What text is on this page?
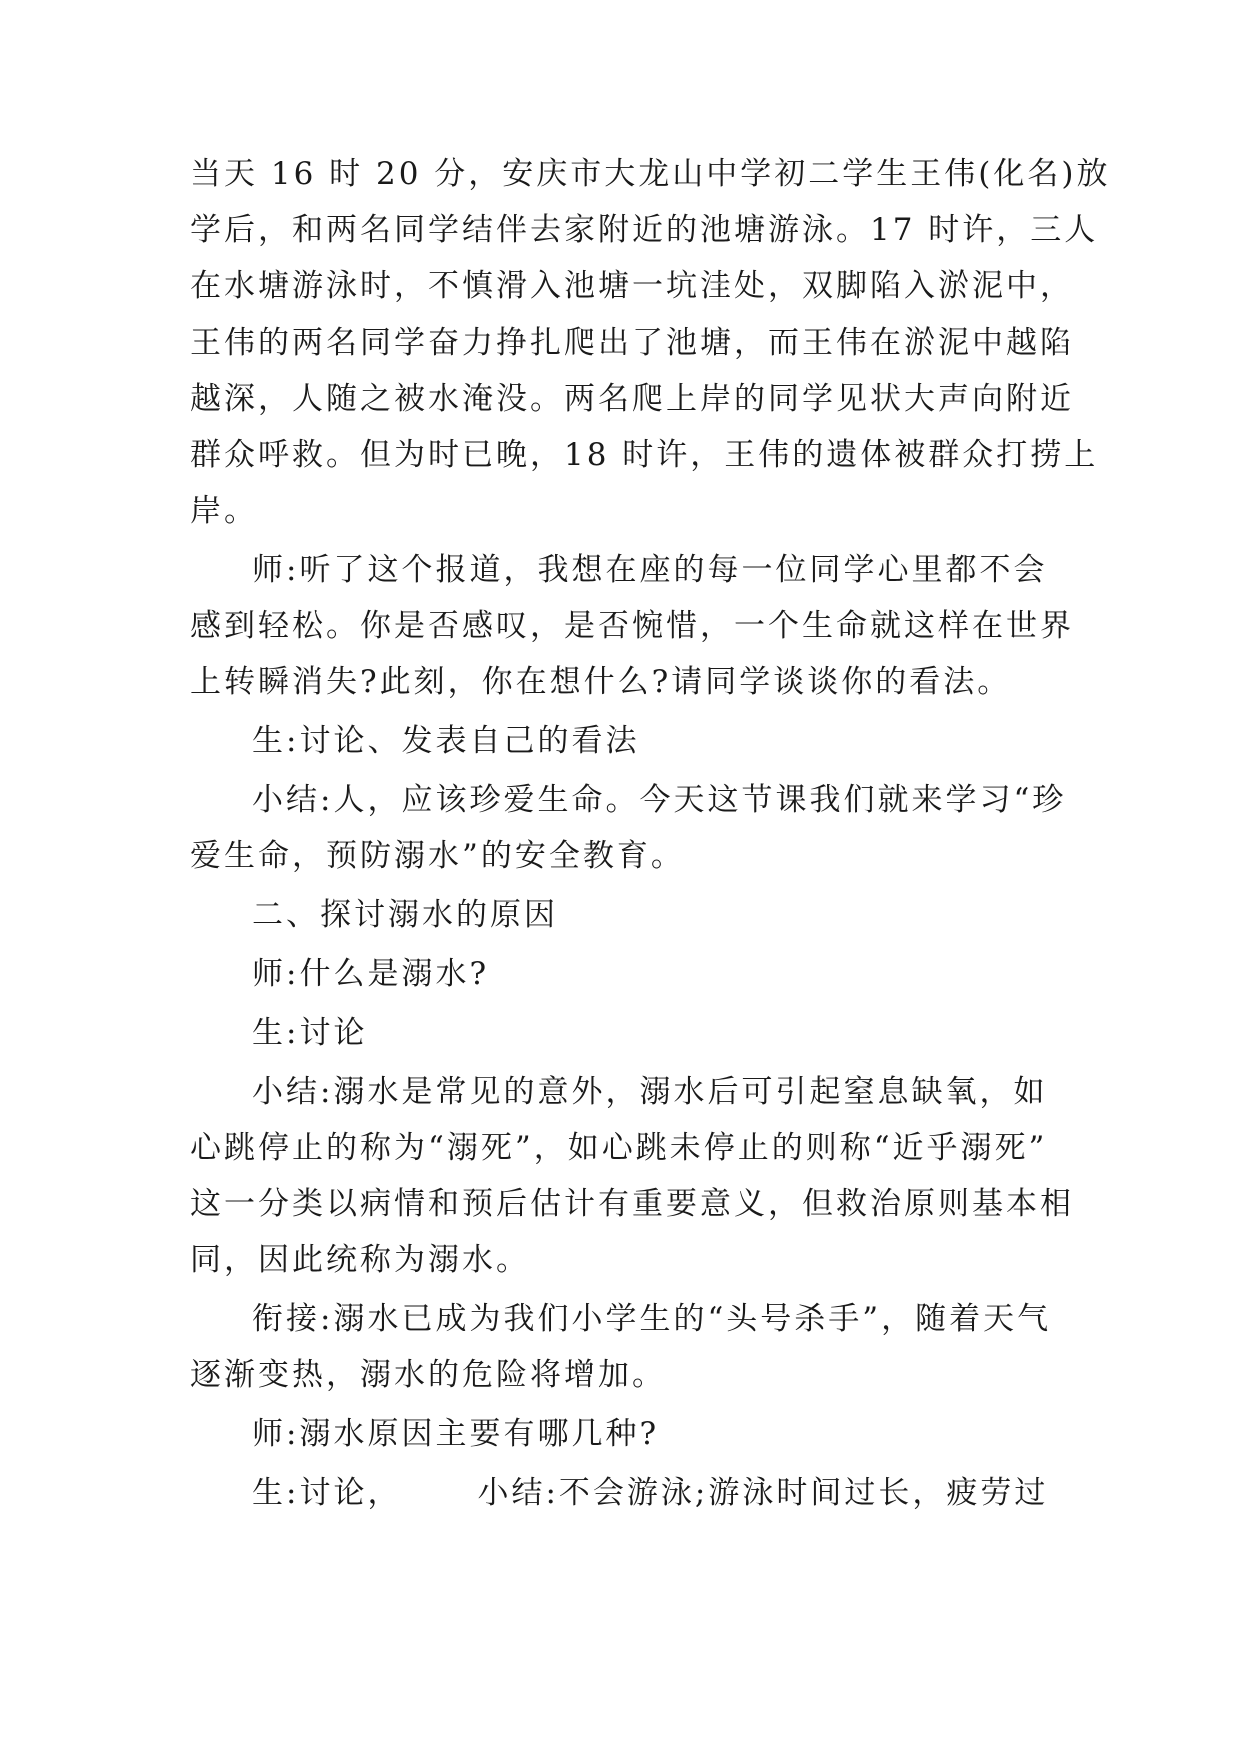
当天 16 时 20 分，安庆市大龙山中学初二学生王伟(化名)放
学后，和两名同学结伴去家附近的池塘游泳。17 时许，三人
在水塘游泳时，不慎滑入池塘一坑洼处，双脚陷入淤泥中，
王伟的两名同学奋力挣扎爬出了池塘，而王伟在淤泥中越陷
越深，人随之被水淹没。两名爬上岸的同学见状大声向附近
群众呼救。但为时已晚，18 时许，王伟的遗体被群众打捞上
岸。
师:听了这个报道，我想在座的每一位同学心里都不会
感到轻松。你是否感叹，是否惋惜，一个生命就这样在世界
上转瞬消失?此刻，你在想什么?请同学谈谈你的看法。
生:讨论、发表自己的看法
小结:人，应该珍爱生命。今天这节课我们就来学习“珍
爱生命，预防溺水”的安全教育。
二、探讨溺水的原因
师:什么是溺水?
生:讨论
小结:溺水是常见的意外，溺水后可引起窒息缺氧，如
心跳停止的称为“溺死”，如心跳未停止的则称“近乎溺死”
这一分类以病情和预后估计有重要意义，但救治原则基本相
同，因此统称为溺水。
衔接:溺水已成为我们小学生的“头号杀手”，随着天气
逐渐变热，溺水的危险将增加。
师:溺水原因主要有哪几种?
生:讨论， 小结:不会游泳;游泳时间过长，疲劳过
